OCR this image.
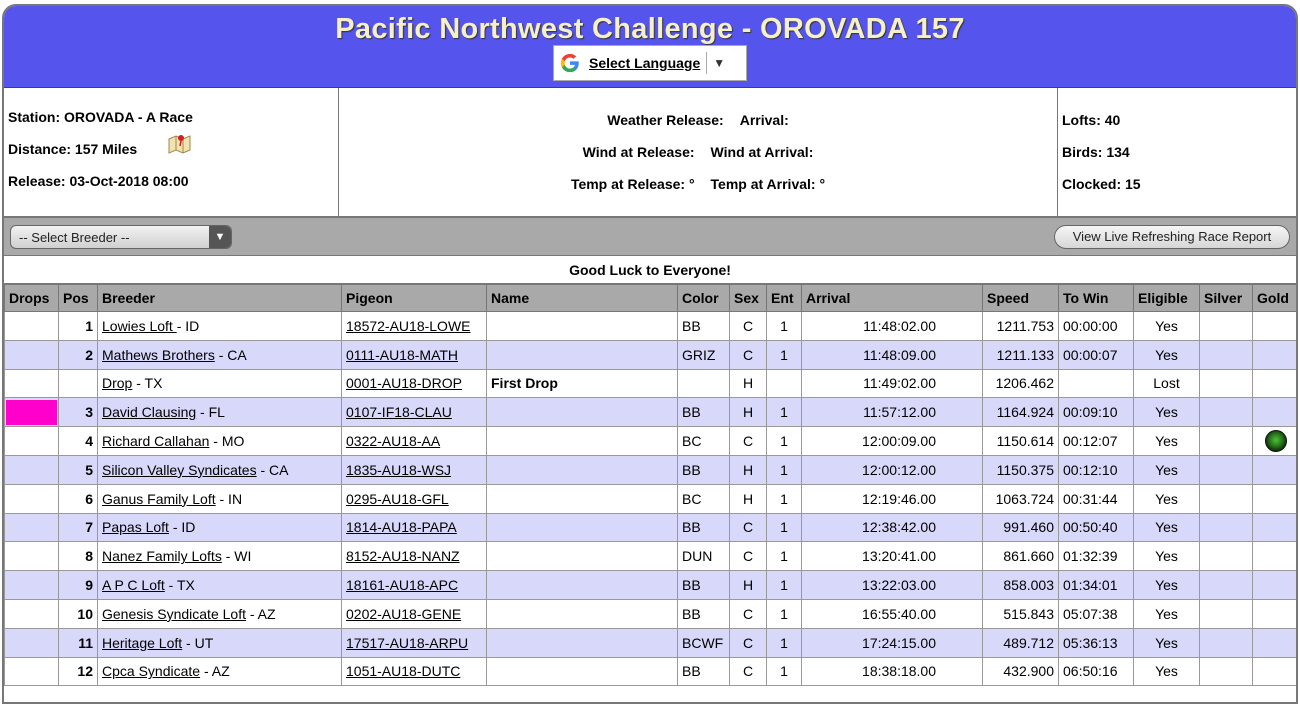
Pacific Northwest Challenge - OROVADA 157
Select Language ▼
Station: OROVADA - A Race
Distance: 157 Miles
Release: 03-Oct-2018 08:00
Weather Release: Arrival:
Wind at Release: Wind at Arrival:
Temp at Release: ° Temp at Arrival: °
Lofts: 40
Birds: 134
Clocked: 15
-- Select Breeder --	▼	View Live Refreshing Race Report
Good Luck to Everyone!
Drops	Pos	Breeder	Pigeon	Name	Color	Sex	Ent	Arrival	Speed	To Win	Eligible	Silver	Gold
	1	Lowies Loft - ID	18572-AU18-LOWE		BB	C	1	11:48:02.00	1211.753	00:00:00	Yes		
	2	Mathews Brothers - CA	0111-AU18-MATH		GRIZ	C	1	11:48:09.00	1211.133	00:00:07	Yes		
		Drop - TX	0001-AU18-DROP	First Drop		H		11:49:02.00	1206.462		Lost		

	3	David Clausing - FL	0107-IF18-CLAU		BB	H	1	11:57:12.00	1164.924	00:09:10	Yes		
	4	Richard Callahan - MO	0322-AU18-AA		BC	C	1	12:00:09.00	1150.614	00:12:07	Yes		

	5	Silicon Valley Syndicates - CA	1835-AU18-WSJ		BB	H	1	12:00:12.00	1150.375	00:12:10	Yes		
	6	Ganus Family Loft - IN	0295-AU18-GFL		BC	H	1	12:19:46.00	1063.724	00:31:44	Yes		
	7	Papas Loft - ID	1814-AU18-PAPA		BB	C	1	12:38:42.00	991.460	00:50:40	Yes		
	8	Nanez Family Lofts - WI	8152-AU18-NANZ		DUN	C	1	13:20:41.00	861.660	01:32:39	Yes		
	9	A P C Loft - TX	18161-AU18-APC		BB	H	1	13:22:03.00	858.003	01:34:01	Yes		
	10	Genesis Syndicate Loft - AZ	0202-AU18-GENE		BB	C	1	16:55:40.00	515.843	05:07:38	Yes		
	11	Heritage Loft - UT	17517-AU18-ARPU		BCWF	C	1	17:24:15.00	489.712	05:36:13	Yes		
	12	Cpca Syndicate - AZ	1051-AU18-DUTC		BB	C	1	18:38:18.00	432.900	06:50:16	Yes		
